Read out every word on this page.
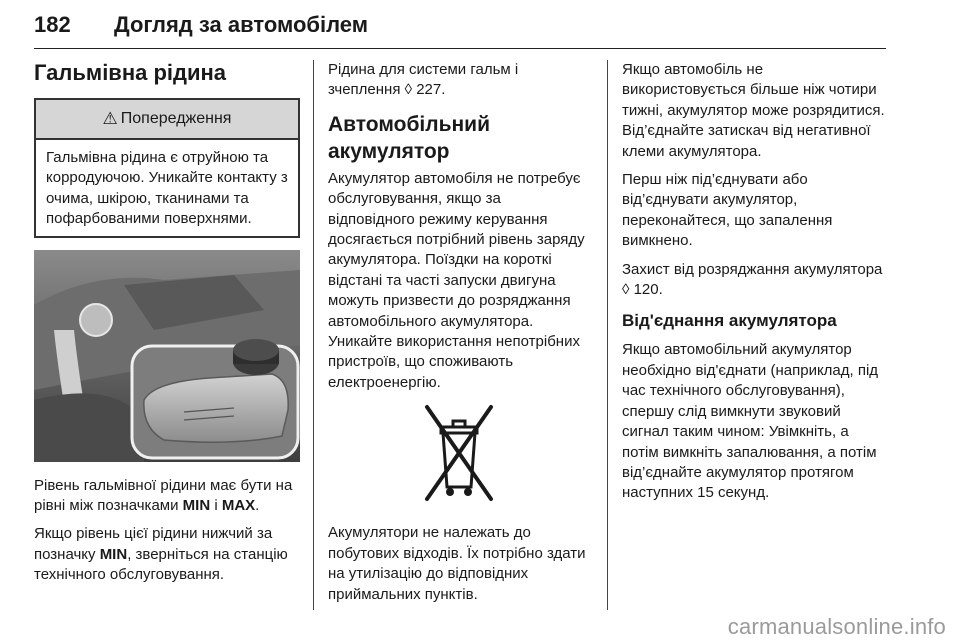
182 Догляд за автомобілем
Гальмівна рідина
⚠ Попередження
Гальмівна рідина є отруйною та корродуючою. Уникайте контакту з очима, шкірою, тканинами та пофарбованими поверхнями.

Рівень гальмівної рідини має бути на рівні між позначками MIN і MAX.

Якщо рівень цієї рідини нижчий за позначку MIN, зверніться на станцію технічного обслуговування.

Рідина для системи гальм і зчеплення ◊ 227.

Автомобільний акумулятор

Акумулятор автомобіля не потребує обслуговування, якщо за відповідного режиму керування досягається потрібний рівень заряду акумулятора. Поїздки на короткі відстані та часті запуски двигуна можуть призвести до розряджання автомобільного акумулятора. Уникайте використання непотрібних пристроїв, що споживають електроенергію.

Акумулятори не належать до побутових відходів. Їх потрібно здати на утилізацію до відповідних приймальних пунктів.

Якщо автомобіль не використовується більше ніж чотири тижні, акумулятор може розрядитися. Від’єднайте затискач від негативної клеми акумулятора.

Перш ніж під’єднувати або від’єднувати акумулятор, переконайтеся, що запалення вимкнено.

Захист від розряджання акумулятора ◊ 120.

Від'єднання акумулятора

Якщо автомобільний акумулятор необхідно від'єднати (наприклад, під час технічного обслуговування), спершу слід вимкнути звуковий сигнал таким чином: Увімкніть, а потім вимкніть запалювання, а потім від’єднайте акумулятор протягом наступних 15 секунд.

carmanualsonline.info
